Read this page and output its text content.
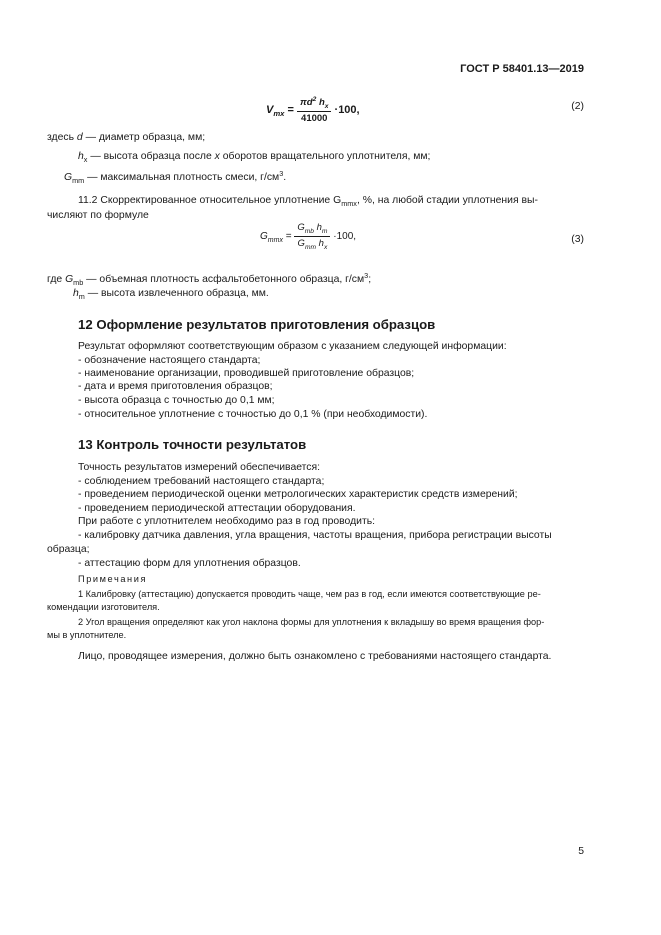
ГОСТ Р 58401.13—2019
$V_{mx} = \frac{\pi d^2 h_x}{41000} \cdot 100$,	(2)
здесь d — диаметр образца, мм;
$h_x$ — высота образца после x оборотов вращательного уплотнителя, мм;
$G_{mm}$ — максимальная плотность смеси, $г/см^3$.
11.2 Скорректированное относительное уплотнение $G_{mmx}$, %, на любой стадии уплотнения вы-
числяют по формуле
$G_{mmx} = \frac{G_{mb} h_m}{G_{mm} h_x} \cdot 100$,	(3)
где $G_{mb}$ — объемная плотность асфальтобетонного образца, $г/см^3$;
$h_m$ — высота извлеченного образца, мм.
12 Оформление результатов приготовления образцов
Результат оформляют соответствующим образом с указанием следующей информации:
- обозначение настоящего стандарта;
- наименование организации, проводившей приготовление образцов;
- дата и время приготовления образцов;
- высота образца с точностью до 0,1 мм;
- относительное уплотнение с точностью до 0,1 % (при необходимости).
13 Контроль точности результатов
Точность результатов измерений обеспечивается:
- соблюдением требований настоящего стандарта;
- проведением периодической оценки метрологических характеристик средств измерений;
- проведением периодической аттестации оборудования.
При работе с уплотнителем необходимо раз в год проводить:
- калибровку датчика давления, угла вращения, частоты вращения, прибора регистрации высоты
образца;
- аттестацию форм для уплотнения образцов.
Примечания
1 Калибровку (аттестацию) допускается проводить чаще, чем раз в год, если имеются соответствующие ре-
комендации изготовителя.
2 Угол вращения определяют как угол наклона формы для уплотнения к вкладышу во время вращения фор-
мы в уплотнителе.
Лицо, проводящее измерения, должно быть ознакомлено с требованиями настоящего стандарта.
5
